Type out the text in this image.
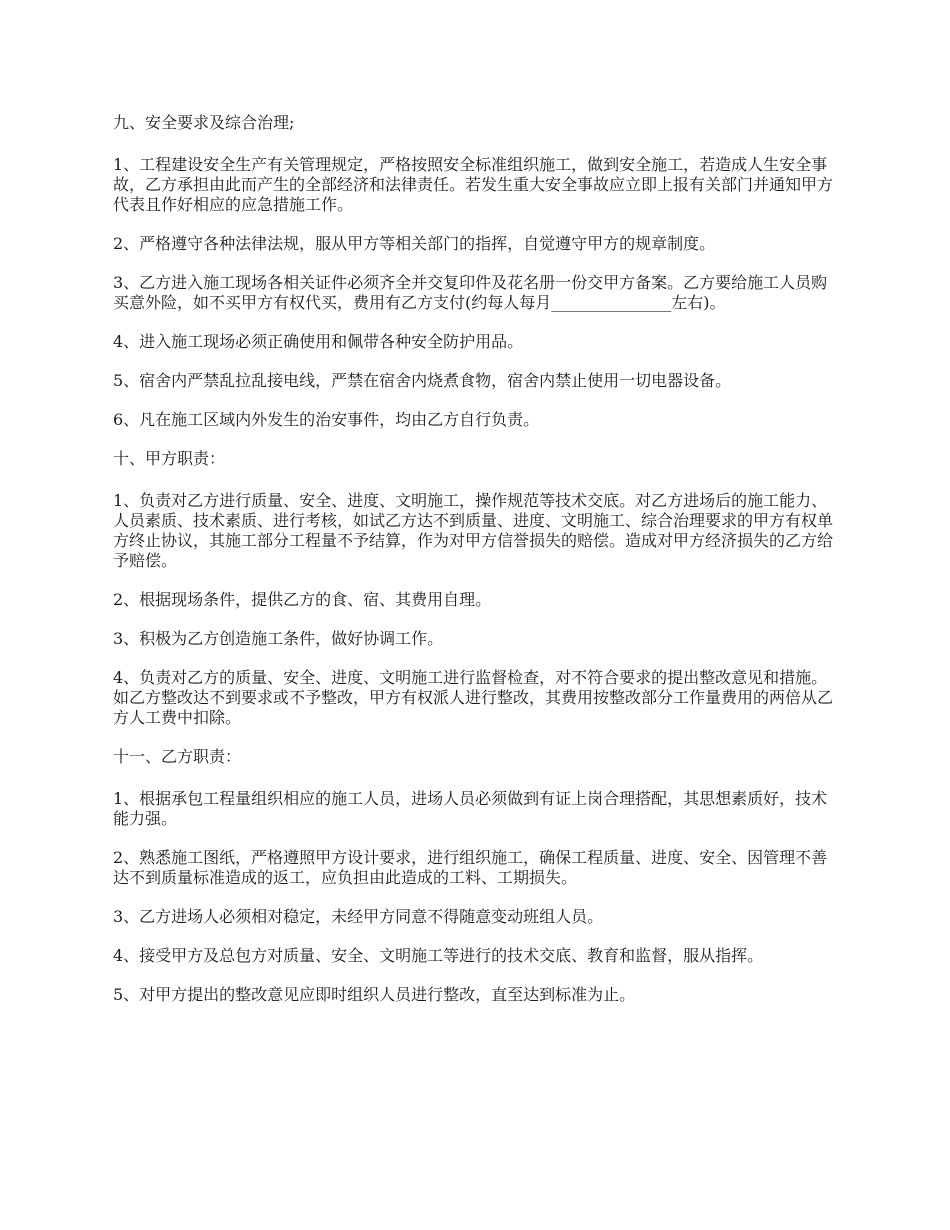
九、安全要求及综合治理;

1、工程建设安全生产有关管理规定，严格按照安全标准组织施工，做到安全施工，若造成人生安全事故，乙方承担由此而产生的全部经济和法律责任。若发生重大安全事故应立即上报有关部门并通知甲方代表且作好相应的应急措施工作。

2、严格遵守各种法律法规，服从甲方等相关部门的指挥，自觉遵守甲方的规章制度。

3、乙方进入施工现场各相关证件必须齐全并交复印件及花名册一份交甲方备案。乙方要给施工人员购买意外险，如不买甲方有权代买，费用有乙方支付(约每人每月_______________左右)。

4、进入施工现场必须正确使用和佩带各种安全防护用品。

5、宿舍内严禁乱拉乱接电线，严禁在宿舍内烧煮食物，宿舍内禁止使用一切电器设备。

6、凡在施工区域内外发生的治安事件，均由乙方自行负责。

十、甲方职责：

1、负责对乙方进行质量、安全、进度、文明施工，操作规范等技术交底。对乙方进场后的施工能力、人员素质、技术素质、进行考核，如试乙方达不到质量、进度、文明施工、综合治理要求的甲方有权单方终止协议，其施工部分工程量不予结算，作为对甲方信誉损失的赔偿。造成对甲方经济损失的乙方给予赔偿。

2、根据现场条件，提供乙方的食、宿、其费用自理。

3、积极为乙方创造施工条件，做好协调工作。

4、负责对乙方的质量、安全、进度、文明施工进行监督检查，对不符合要求的提出整改意见和措施。如乙方整改达不到要求或不予整改，甲方有权派人进行整改，其费用按整改部分工作量费用的两倍从乙方人工费中扣除。

十一、乙方职责：

1、根据承包工程量组织相应的施工人员，进场人员必须做到有证上岗合理搭配，其思想素质好，技术能力强。

2、熟悉施工图纸，严格遵照甲方设计要求，进行组织施工，确保工程质量、进度、安全、因管理不善达不到质量标准造成的返工，应负担由此造成的工料、工期损失。

3、乙方进场人必须相对稳定，未经甲方同意不得随意变动班组人员。

4、接受甲方及总包方对质量、安全、文明施工等进行的技术交底、教育和监督，服从指挥。

5、对甲方提出的整改意见应即时组织人员进行整改，直至达到标准为止。
